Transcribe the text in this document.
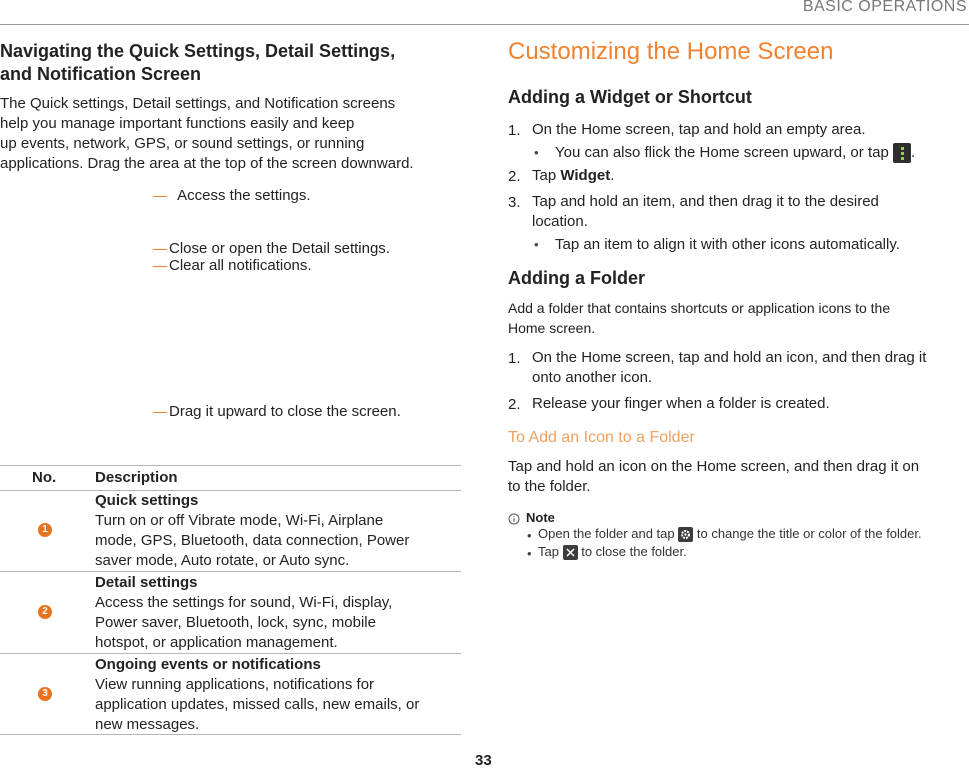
BASIC OPERATIONS
Navigating the Quick Settings, Detail Settings,
and Notification Screen
The Quick settings, Detail settings, and Notification screens
help you manage important functions easily and keep
up events, network, GPS, or sound settings, or running
applications. Drag the area at the top of the screen downward.
Access the settings.
Close or open the Detail settings.
Clear all notifications.
Drag it upward to close the screen.
No.	Description
1
Quick settings
Turn on or off Vibrate mode, Wi-Fi, Airplane
mode, GPS, Bluetooth, data connection, Power
saver mode, Auto rotate, or Auto sync.
2
Detail settings
Access the settings for sound, Wi-Fi, display,
Power saver, Bluetooth, lock, sync, mobile
hotspot, or application management.
3
Ongoing events or notifications
View running applications, notifications for
application updates, missed calls, new emails, or
new messages.
Customizing the Home Screen
Adding a Widget or Shortcut
1. On the Home screen, tap and hold an empty area.
• You can also flick the Home screen upward, or tap .
2. Tap Widget.
3. Tap and hold an item, and then drag it to the desired
location.
• Tap an item to align it with other icons automatically.
Adding a Folder
Add a folder that contains shortcuts or application icons to the
Home screen.
1. On the Home screen, tap and hold an icon, and then drag it
onto another icon.
2. Release your finger when a folder is created.
To Add an Icon to a Folder
Tap and hold an icon on the Home screen, and then drag it on
to the folder.
Note
• Open the folder and tap to change the title or color of the folder.
• Tap to close the folder.
33
